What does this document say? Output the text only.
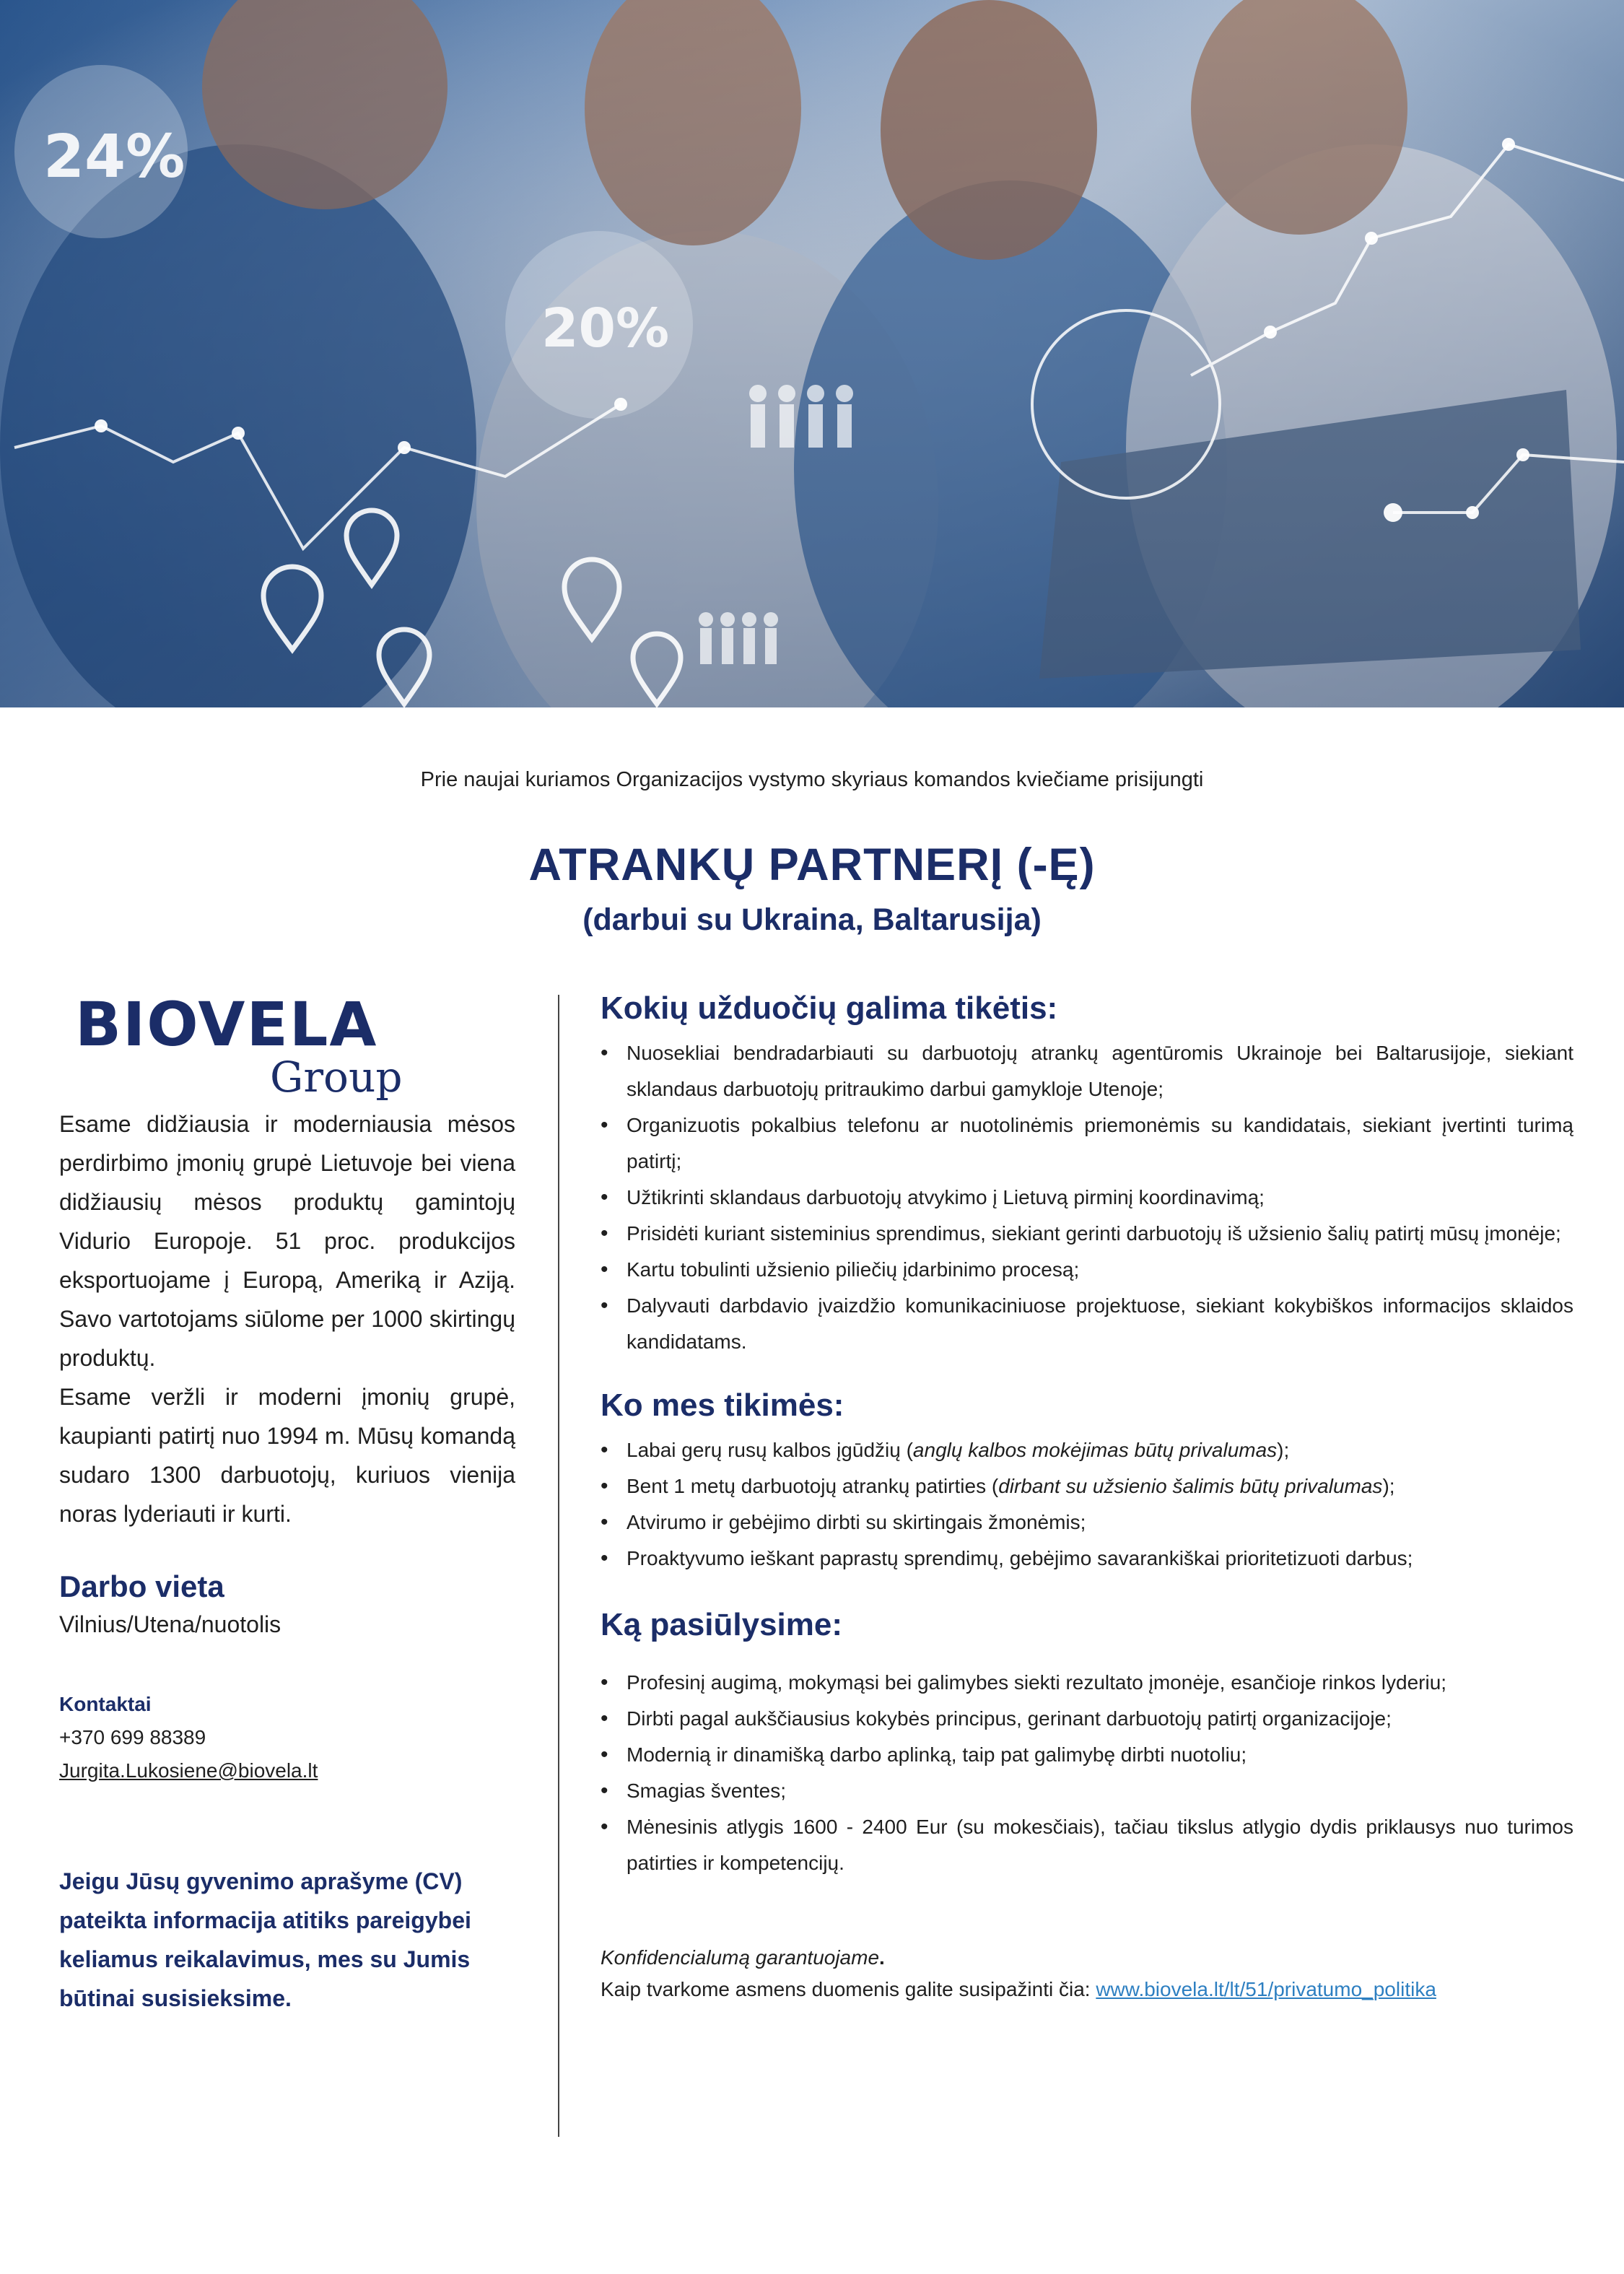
24%
20%
Prie naujai kuriamos Organizacijos vystymo skyriaus komandos kviečiame prisijungti
ATRANKŲ PARTNERĮ (-Ę)
(darbui su Ukraina, Baltarusija)
BIOVELA
Group

Esame didžiausia ir moderniausia mėsos perdirbimo įmonių grupė Lietuvoje bei viena didžiausių mėsos produktų gamintojų Vidurio Europoje. 51 proc. produkcijos eksportuojame į Europą, Ameriką ir Aziją. Savo vartotojams siūlome per 1000 skirtingų produktų.

Esame veržli ir moderni įmonių grupė, kaupianti patirtį nuo 1994 m. Mūsų komandą sudaro 1300 darbuotojų, kuriuos vienija noras lyderiauti ir kurti.

Darbo vieta
Vilnius/Utena/nuotolis
Kontaktai
+370 699 88389
Jurgita.Lukosiene@biovela.lt
Jeigu Jūsų gyvenimo aprašyme (CV) pateikta informacija atitiks pareigybei keliamus reikalavimus, mes su Jumis būtinai susisieksime.
Kokių užduočių galima tikėtis:
• Nuosekliai bendradarbiauti su darbuotojų atrankų agentūromis Ukrainoje bei Baltarusijoje, siekiant sklandaus darbuotojų pritraukimo darbui gamykloje Utenoje;
• Organizuotis pokalbius telefonu ar nuotolinėmis priemonėmis su kandidatais, siekiant įvertinti turimą patirtį;
• Užtikrinti sklandaus darbuotojų atvykimo į Lietuvą pirminį koordinavimą;
• Prisidėti kuriant sisteminius sprendimus, siekiant gerinti darbuotojų iš užsienio šalių patirtį mūsų įmonėje;
• Kartu tobulinti užsienio piliečių įdarbinimo procesą;
• Dalyvauti darbdavio įvaizdžio komunikaciniuose projektuose, siekiant kokybiškos informacijos sklaidos kandidatams.
Ko mes tikimės:
• Labai gerų rusų kalbos įgūdžių (anglų kalbos mokėjimas būtų privalumas);
• Bent 1 metų darbuotojų atrankų patirties (dirbant su užsienio šalimis būtų privalumas);
• Atvirumo ir gebėjimo dirbti su skirtingais žmonėmis;
• Proaktyvumo ieškant paprastų sprendimų, gebėjimo savarankiškai prioritetizuoti darbus;
Ką pasiūlysime:
• Profesinį augimą, mokymąsi bei galimybes siekti rezultato įmonėje, esančioje rinkos lyderiu;
• Dirbti pagal aukščiausius kokybės principus, gerinant darbuotojų patirtį organizacijoje;
• Modernią ir dinamišką darbo aplinką, taip pat galimybę dirbti nuotoliu;
• Smagias šventes;
• Mėnesinis atlygis 1600 - 2400 Eur (su mokesčiais), tačiau tikslus atlygio dydis priklausys nuo turimos patirties ir kompetencijų.
Konfidencialumą garantuojame.
Kaip tvarkome asmens duomenis galite susipažinti čia: www.biovela.lt/lt/51/privatumo_politika
